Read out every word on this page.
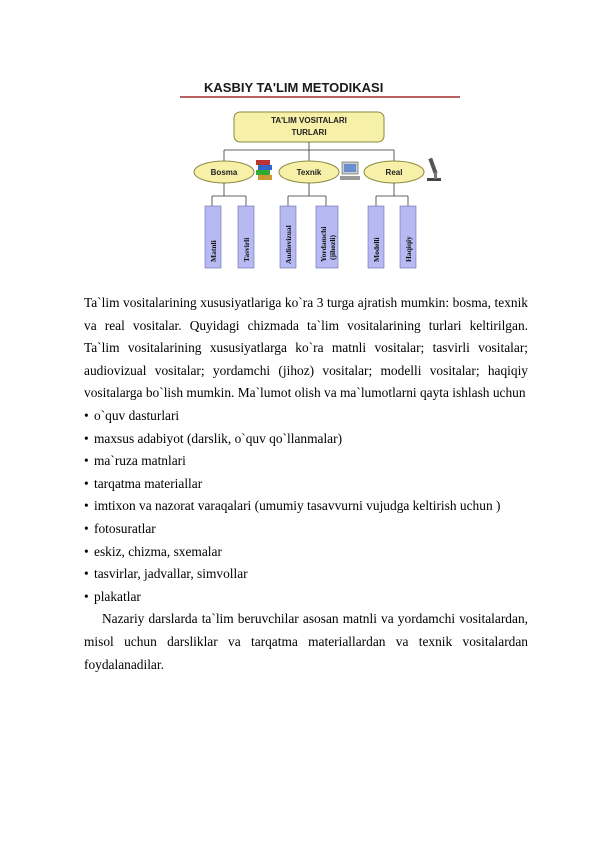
KASBIY TA'LIM METODIKASI
TA'LIM VOSITALARI
TURLARI
Bosma	Texnik	Real
Matnli	Tasvirli	Audiovizual	Yordamchi (jihozli)	Modelli	Haqiqiy

Ta`lim vositalarining xususiyatlariga ko`ra 3 turga ajratish mumkin: bosma, texnik va real vositalar. Quyidagi chizmada ta`lim vositalarining turlari keltirilgan. Ta`lim vositalarining xususiyatlarga ko`ra matnli vositalar; tasvirli vositalar; audiovizual vositalar; yordamchi (jihoz) vositalar; modelli vositalar; haqiqiy vositalarga bo`lish mumkin. Ma`lumot olish va ma`lumotlarni qayta ishlash uchun

• o`quv dasturlari
• maxsus adabiyot (darslik, o`quv qo`llanmalar)
• ma`ruza matnlari
• tarqatma materiallar
• imtixon va nazorat varaqalari (umumiy tasavvurni vujudga keltirish uchun )
• fotosuratlar
• eskiz, chizma, sxemalar
• tasvirlar, jadvallar, simvollar
• plakatlar

Nazariy darslarda ta`lim beruvchilar asosan matnli va yordamchi vositalardan, misol uchun darsliklar va tarqatma materiallardan va texnik vositalardan foydalanadilar.
